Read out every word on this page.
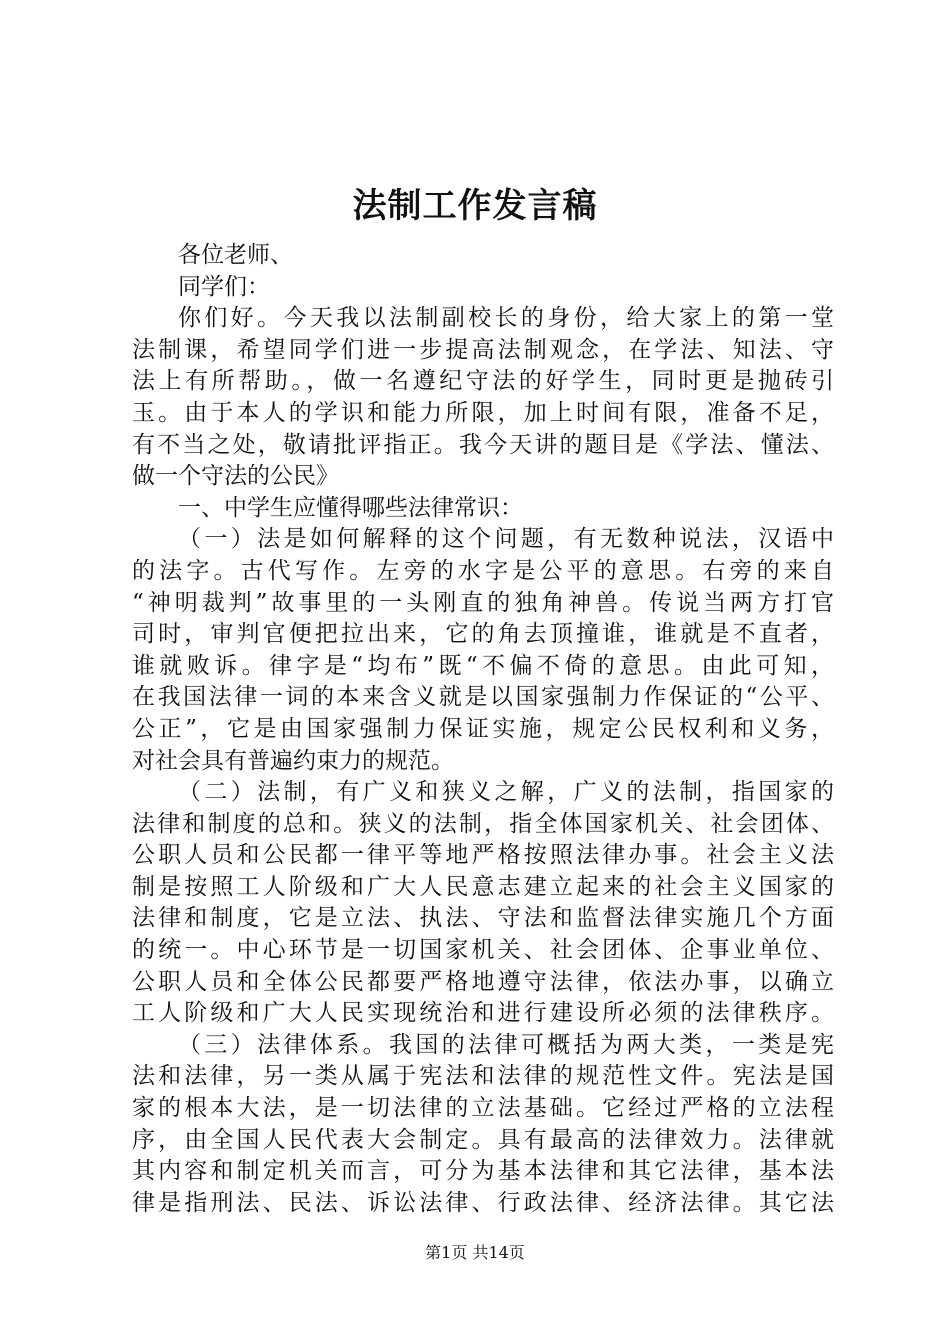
法制工作发言稿
各位老师、
同学们：
你们好。今天我以法制副校长的身份，给大家上的第一堂
法制课，希望同学们进一步提高法制观念，在学法、知法、守
法上有所帮助。，做一名遵纪守法的好学生，同时更是抛砖引
玉。由于本人的学识和能力所限，加上时间有限，准备不足，
有不当之处，敬请批评指正。我今天讲的题目是《学法、懂法、
做一个守法的公民》
一、中学生应懂得哪些法律常识：
（一）法是如何解释的这个问题，有无数种说法，汉语中
的法字。古代写作。左旁的水字是公平的意思。右旁的来自
“神明裁判”故事里的一头刚直的独角神兽。传说当两方打官
司时，审判官便把拉出来，它的角去顶撞谁，谁就是不直者，
谁就败诉。律字是“均布”既“不偏不倚的意思。由此可知，
在我国法律一词的本来含义就是以国家强制力作保证的“公平、
公正”，它是由国家强制力保证实施，规定公民权利和义务，
对社会具有普遍约束力的规范。
（二）法制，有广义和狭义之解，广义的法制，指国家的
法律和制度的总和。狭义的法制，指全体国家机关、社会团体、
公职人员和公民都一律平等地严格按照法律办事。社会主义法
制是按照工人阶级和广大人民意志建立起来的社会主义国家的
法律和制度，它是立法、执法、守法和监督法律实施几个方面
的统一。中心环节是一切国家机关、社会团体、企事业单位、
公职人员和全体公民都要严格地遵守法律，依法办事，以确立
工人阶级和广大人民实现统治和进行建设所必须的法律秩序。
（三）法律体系。我国的法律可概括为两大类，一类是宪
法和法律，另一类从属于宪法和法律的规范性文件。宪法是国
家的根本大法，是一切法律的立法基础。它经过严格的立法程
序，由全国人民代表大会制定。具有最高的法律效力。法律就
其内容和制定机关而言，可分为基本法律和其它法律，基本法
律是指刑法、民法、诉讼法律、行政法律、经济法律。其它法
第1页 共14页
